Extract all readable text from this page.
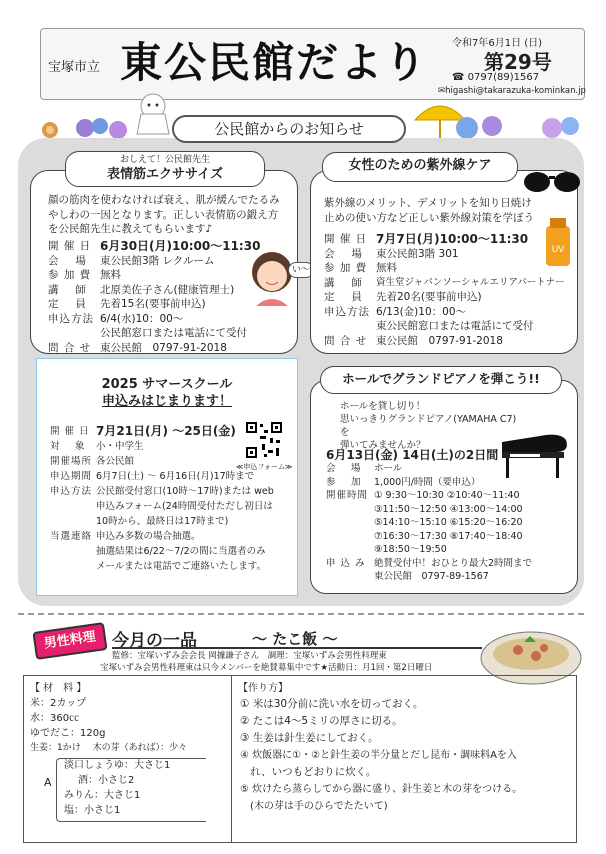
宝塚市立 東公民館だより 令和7年6月1日 (日)
第29号
☎ 0797(89)1567
✉higashi@takarazuka-kominkan.jp
公民館からのお知らせ
おしえて！公民館先生
表情筋エクササイズ
顔の筋肉を使わなければ衰え、肌が緩んでたるみ
やしわの一因となります。正しい表情筋の鍛え方
を公民館先生に教えてもらいます♪
開 催 日 6月30日(月)10:00～11:30
会　 場	東公民館3階 レクルーム
参 加 費 無料
講　 師	北原美佐子さん(健康管理士)
定　 員	先着15名(要事前申込)
申込方法 6/4(水)10：00～
公民館窓口または電話にて受付
問 合 せ 東公民館　0797-91-2018
い～
女性のための紫外線ケア
紫外線のメリット、デメリットを知り日焼け
止めの使い方など正しい紫外線対策を学ぼう
UV
開 催 日 7月7日(月)10:00～11:30
会　 場	東公民館3階 301
参 加 費 無料
講　 師	資生堂ジャパンソーシャルエリアパートナー
定　 員	先着20名(要事前申込)
申込方法 6/13(金)10：00～
東公民館窓口または電話にて受付
問 合 せ 東公民館　0797-91-2018
2025 サマースクール
申込みはじまります！
開 催 日 7月21日(月) ～25日(金)
対　 象	小・中学生
開催場所 各公民館
申込期間 6月7日(土) ～ 6月16日(月)17時まで
申込方法 公民館受付窓口(10時～17時)または web
申込みフォーム(24時間受付ただし初日は
10時から、最終日は17時まで)
当選連絡 申込み多数の場合抽選。
抽選結果は6/22～7/2の間に当選者のみ
メールまたは電話でご連絡いたします。
≪申込フォーム≫
ホールでグランドピアノを弾こう!!
ホールを貸し切り！
思いっきりグランドピアノ(YAMAHA C7)を
弾いてみませんか？
6月13日(金) 14日(土)の2日間
会　 場	ホール
参　 加	1,000円/時間（要申込）
開催時間 ① 9:30～10:30 ②10:40～11:40
③11:50～12:50 ④13:00～14:00
⑤14:10～15:10 ⑥15:20～16:20
⑦16:30～17:30 ⑧17:40～18:40
⑨18:50～19:50
申 込 み 絶賛受付中！おひとり最大2時間まで
東公民館　0797-89-1567
男性料理 今月の一品	～ たこ飯 ～
監修：宝塚いずみ会会長 岡據謙子さん　調理：宝塚いずみ会男性料理東
宝塚いずみ会男性料理東は只今メンバーを絶賛募集中です★活動日：月1回・第2日曜日
【 材　料 】
米：2カップ
水：360㏄
ゆでだこ：120g
生姜：1かけ　 木の芽（あれば）：少々
A
淡口しょうゆ：大さじ1
酒：小さじ2
みりん：大さじ1
塩：小さじ1
【作り方】
① 米は30分前に洗い水を切っておく。
② たこは4～5ミリの厚さに切る。
③ 生姜は針生姜にしておく。
④ 炊飯器に①・②と針生姜の半分量とだし昆布・調味料Aを入
れ、いつもどおりに炊く。
⑤ 炊けたら蒸らしてから器に盛り、針生姜と木の芽をつける。
(木の芽は手のひらでたたいて)
